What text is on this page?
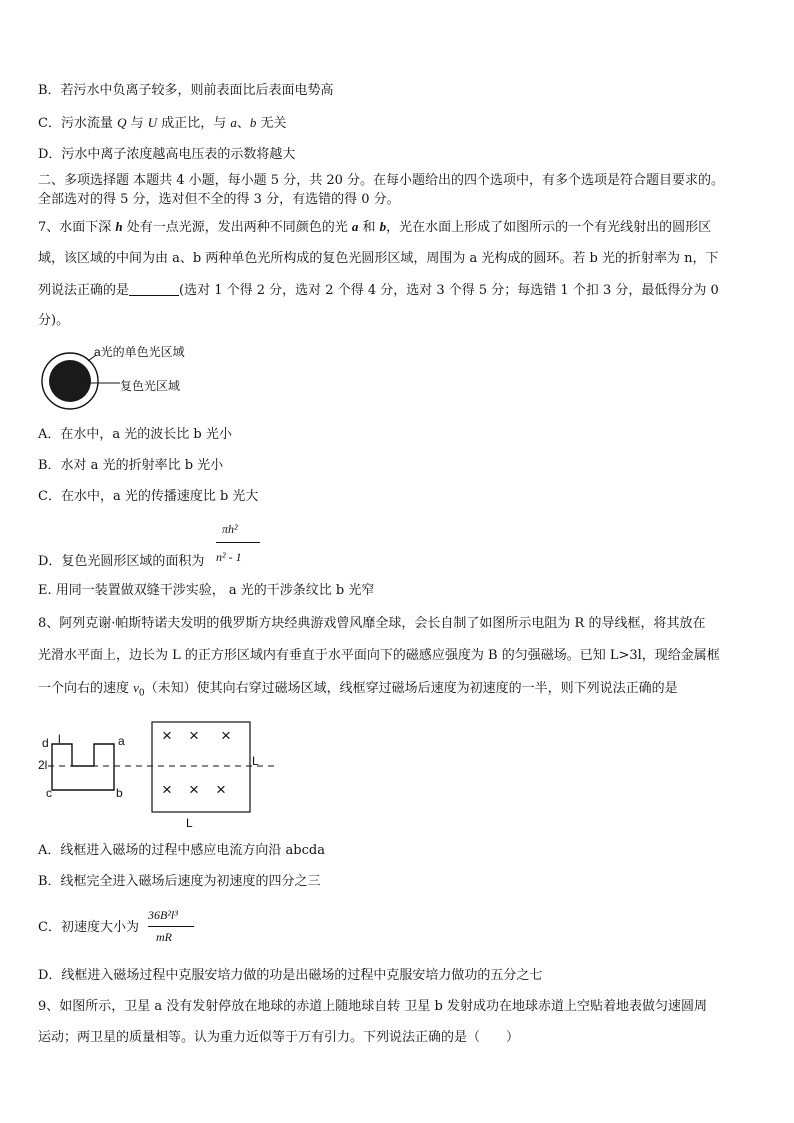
B．若污水中负离子较多，则前表面比后表面电势高
C．污水流量 Q 与 U 成正比，与 a、b 无关
D．污水中离子浓度越高电压表的示数将越大
二、多项选择题 本题共 4 小题，每小题 5 分，共 20 分。在每小题给出的四个选项中，有多个选项是符合题目要求的。
全部选对的得 5 分，选对但不全的得 3 分，有选错的得 0 分。
7、水面下深 h 处有一点光源，发出两种不同颜色的光 a 和 b，光在水面上形成了如图所示的一个有光线射出的圆形区
域，该区域的中间为由 a、b 两种单色光所构成的复色光圆形区域，周围为 a 光构成的圆环。若 b 光的折射率为 n，下
列说法正确的是	(选对 1 个得 2 分，选对 2 个得 4 分，选对 3 个得 5 分；每选错 1 个扣 3 分，最低得分为 0
分)。
a光的单色光区域
复色光区域
A．在水中，a 光的波长比 b 光小
B．水对 a 光的折射率比 b 光小
C．在水中，a 光的传播速度比 b 光大
D．复色光圆形区域的面积为
πh²
n² - 1
E. 用同一装置做双缝干涉实验， a 光的干涉条纹比 b 光窄
8、阿列克谢·帕斯特诺夫发明的俄罗斯方块经典游戏曾风靡全球，会长自制了如图所示电阻为 R 的导线框，将其放在
光滑水平面上，边长为 L 的正方形区域内有垂直于水平面向下的磁感应强度为 B 的匀强磁场。已知 L>3l，现给金属框
一个向右的速度 $v_0$（未知）使其向右穿过磁场区域，线框穿过磁场后速度为初速度的一半，则下列说法正确的是
d l	a
2l
c	b
L
L
× × ×
× × ×
A．线框进入磁场的过程中感应电流方向沿 abcda
B．线框完全进入磁场后速度为初速度的四分之三
C．初速度大小为
36B²l³
mR
D．线框进入磁场过程中克服安培力做的功是出磁场的过程中克服安培力做功的五分之七
9、如图所示，卫星 a 没有发射停放在地球的赤道上随地球自转 卫星 b 发射成功在地球赤道上空贴着地表做匀速圆周
运动；两卫星的质量相等。认为重力近似等于万有引力。下列说法正确的是（　　）
